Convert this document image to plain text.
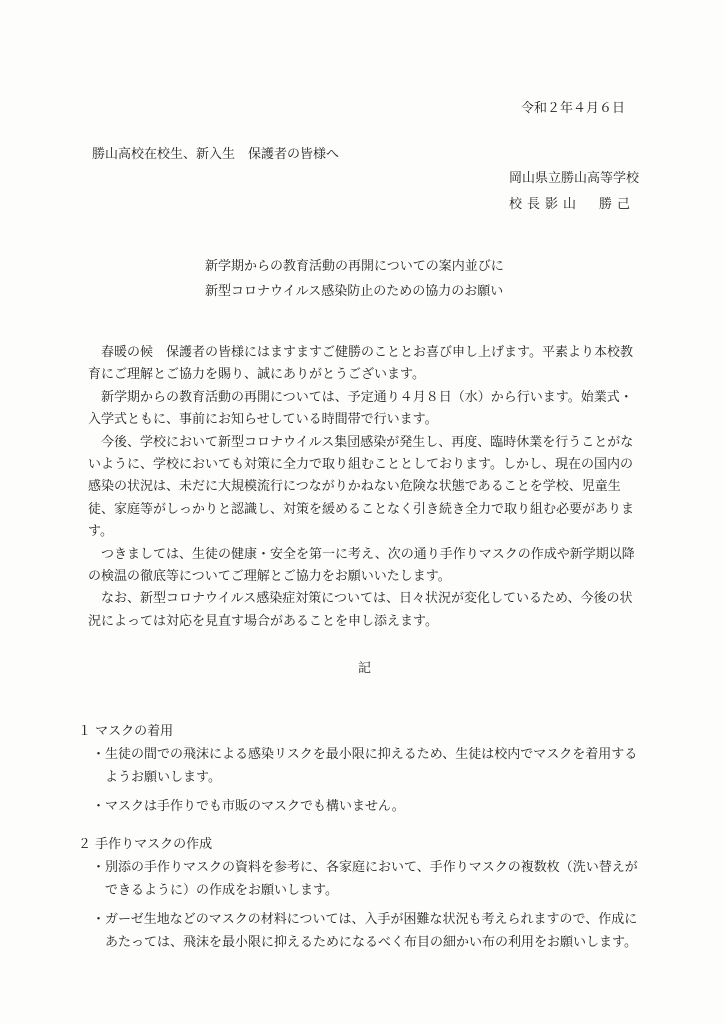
令和２年４月６日
勝山高校在校生、新入生　保護者の皆様へ
岡山県立勝山高等学校
校長影山　勝己
新学期からの教育活動の再開についての案内並びに
新型コロナウイルス感染防止のための協力のお願い

春暖の候　保護者の皆様にはますますご健勝のこととお喜び申し上げます。平素より本校教育にご理解とご協力を賜り、誠にありがとうございます。

新学期からの教育活動の再開については、予定通り４月８日（水）から行います。始業式・入学式ともに、事前にお知らせしている時間帯で行います。

今後、学校において新型コロナウイルス集団感染が発生し、再度、臨時休業を行うことがないように、学校においても対策に全力で取り組むこととしております。しかし、現在の国内の感染の状況は、未だに大規模流行につながりかねない危険な状態であることを学校、児童生徒、家庭等がしっかりと認識し、対策を緩めることなく引き続き全力で取り組む必要があります。

つきましては、生徒の健康・安全を第一に考え、次の通り手作りマスクの作成や新学期以降の検温の徹底等についてご理解とご協力をお願いいたします。

なお、新型コロナウイルス感染症対策については、日々状況が変化しているため、今後の状況によっては対応を見直す場合があることを申し添えます。

記
１ マスクの着用
・生徒の間での飛沫による感染リスクを最小限に抑えるため、生徒は校内でマスクを着用するようお願いします。
・マスクは手作りでも市販のマスクでも構いません。
２ 手作りマスクの作成
・別添の手作りマスクの資料を参考に、各家庭において、手作りマスクの複数枚（洗い替えができるように）の作成をお願いします。
・ガーゼ生地などのマスクの材料については、入手が困難な状況も考えられますので、作成にあたっては、飛沫を最小限に抑えるためになるべく布目の細かい布の利用をお願いします。
